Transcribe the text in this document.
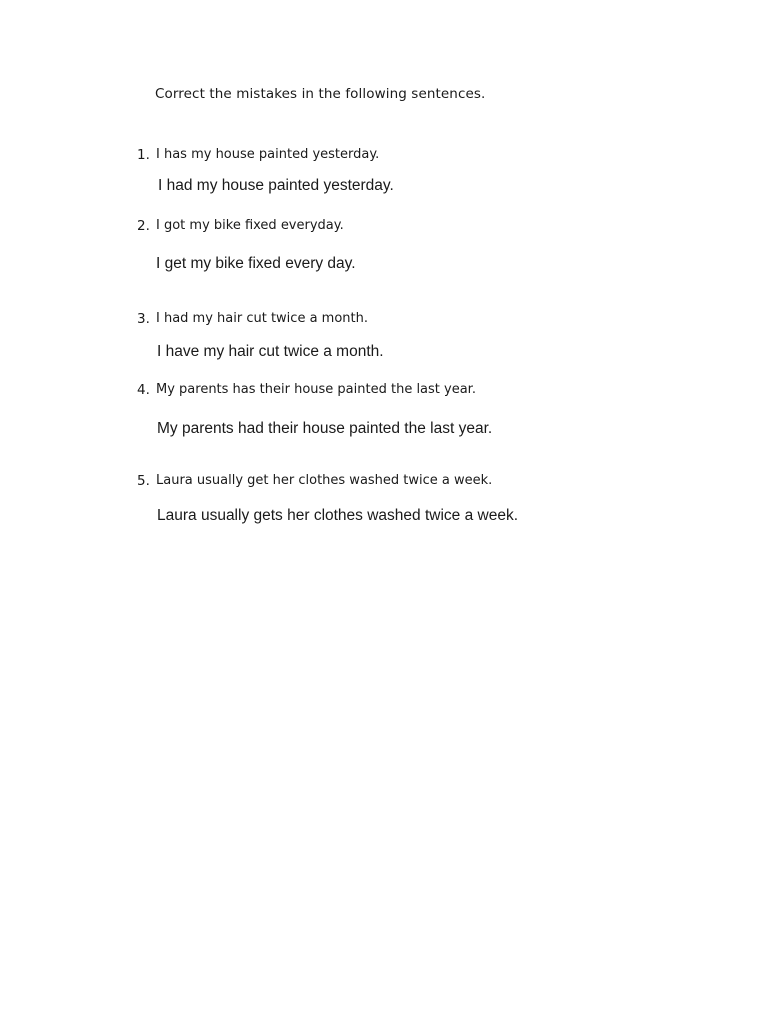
Correct the mistakes in the following sentences.
1. I has my house painted yesterday.
I had my house painted yesterday.
2. I got my bike fixed everyday.
I get my bike fixed every day.
3. I had my hair cut twice a month.
I have my hair cut twice a month.
4. My parents has their house painted the last year.
My parents had their house painted the last year.
5. Laura usually get her clothes washed twice a week.
Laura usually gets her clothes washed twice a week.
